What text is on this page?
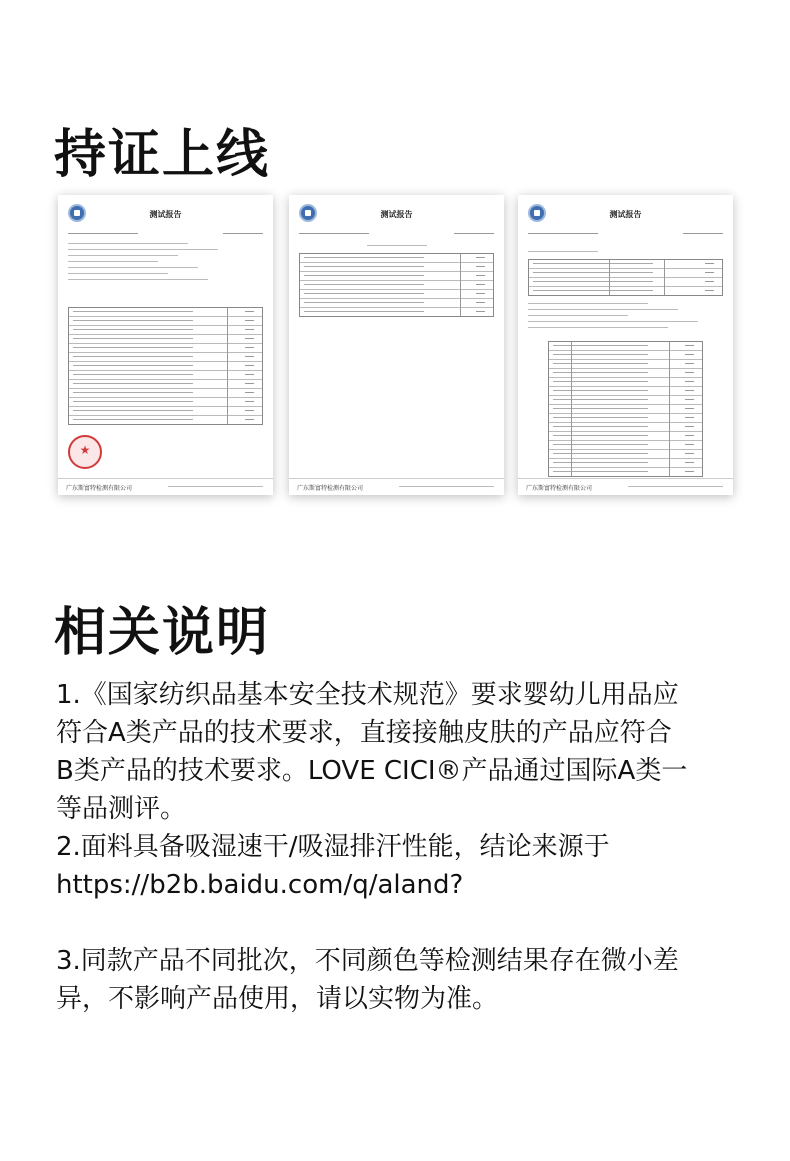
持证上线
测试报告
★
广东斯富特检测有限公司
测试报告
广东斯富特检测有限公司
测试报告
广东斯富特检测有限公司
相关说明

1.《国家纺织品基本安全技术规范》要求婴幼儿用品应

符合A类产品的技术要求，直接接触皮肤的产品应符合

B类产品的技术要求。LOVE CICI®产品通过国际A类一

等品测评。

2.面料具备吸湿速干/吸湿排汗性能，结论来源于

https://b2b.baidu.com/q/aland?

3.同款产品不同批次，不同颜色等检测结果存在微小差

异，不影响产品使用，请以实物为准。
